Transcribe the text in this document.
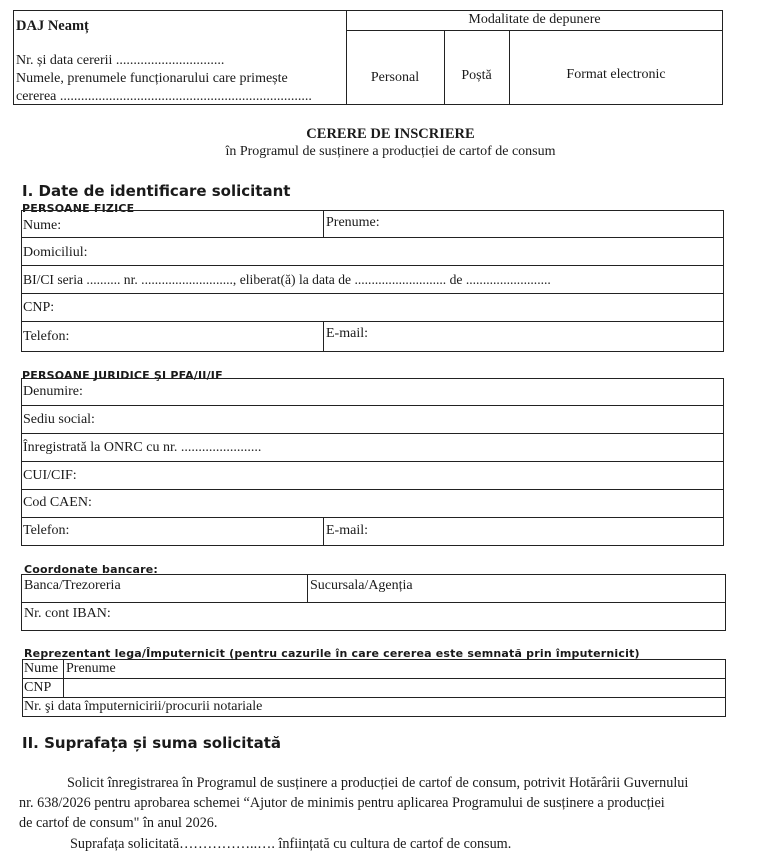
DAJ Neamț
Nr. și data cererii ...............................
Numele, prenumele funcționarului care primește
cererea ........................................................................
Modalitate de depunere
Personal	Poștă	Format electronic
CERERE DE INSCRIERE
în Programul de susținere a producției de cartof de consum
I. Date de identificare solicitant
PERSOANE FIZICE
Nume:	Prenume:
Domiciliul:
BI/CI seria .......... nr. ..........................., eliberat(ă) la data de ........................... de .........................
CNP:
Telefon:	E-mail:
PERSOANE JURIDICE ŞI PFA/II/IF
Denumire:
Sediu social:
Înregistrată la ONRC cu nr. .......................
CUI/CIF:
Cod CAEN:
Telefon:	E-mail:
Coordonate bancare:
Banca/Trezoreria	Sucursala/Agenția
Nr. cont IBAN:
Reprezentant lega/Împuternicit (pentru cazurile în care cererea este semnată prin împuternicit)
Nume Prenume
CNP
Nr. şi data împuternicirii/procurii notariale
II. Suprafața și suma solicitată
Solicit înregistrarea în Programul de susținere a producției de cartof de consum, potrivit Hotărârii Guvernului
nr. 638/2026 pentru aprobarea schemei “Ajutor de minimis pentru aplicarea Programului de susținere a producției
de cartof de consum" în anul 2026.
Suprafața solicitată……………..…. înființată cu cultura de cartof de consum.
